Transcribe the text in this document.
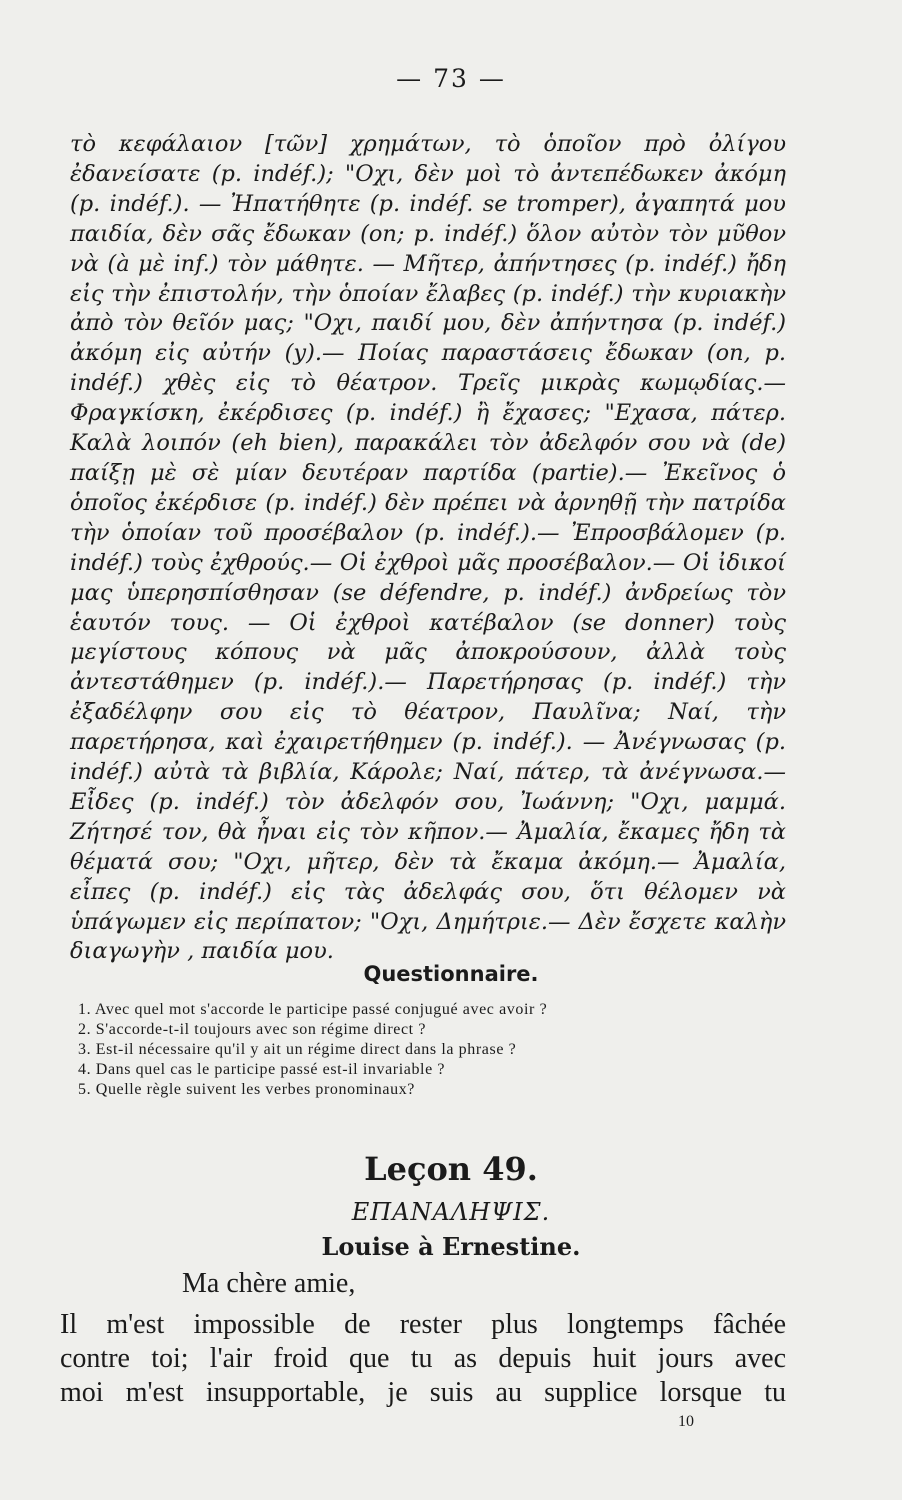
— 73 —

τὸ κεφάλαιον [τῶν] χρημάτων, τὸ ὁποῖον πρὸ ὀλίγου ἐδανείσατε (p. indéf.); "Οχι, δὲν μοὶ τὸ ἀντεπέδωκεν ἀκόμη (p. indéf.). — Ἠπατήθητε (p. indéf. se tromper), ἀγαπητά μου παιδία, δὲν σᾶς ἔδωκαν (on; p. indéf.) ὅλον αὐτὸν τὸν μῦθον νὰ (à μὲ inf.) τὸν μάθητε. — Μῆτερ, ἀπήντησες (p. indéf.) ἤδη εἰς τὴν ἐπιστολήν, τὴν ὁποίαν ἔλαβες (p. indéf.) τὴν κυριακὴν ἀπὸ τὸν θεῖόν μας; "Οχι, παιδί μου, δὲν ἀπήντησα (p. indéf.) ἀκόμη εἰς αὐτήν (y).— Ποίας παραστάσεις ἔδωκαν (on, p. indéf.) χθὲς εἰς τὸ θέατρον. Τρεῖς μικρὰς κωμῳδίας.— Φραγκίσκη, ἐκέρδισες (p. indéf.) ἢ ἔχασες; "Εχασα, πάτερ. Καλὰ λοιπόν (eh bien), παρακάλει τὸν ἀδελφόν σου νὰ (de) παίξῃ μὲ σὲ μίαν δευτέραν παρτίδα (partie).— Ἐκεῖνος ὁ ὁποῖος ἐκέρδισε (p. indéf.) δὲν πρέπει νὰ ἀρνηθῇ τὴν πατρίδα τὴν ὁποίαν τοῦ προσέβαλον (p. indéf.).— Ἐπροσβάλομεν (p. indéf.) τοὺς ἐχθρούς.— Οἱ ἐχθροὶ μᾶς προσέβαλον.— Οἱ ἰδικοί μας ὑπερησπίσθησαν (se défendre, p. indéf.) ἀνδρείως τὸν ἑαυτόν τους. — Οἱ ἐχθροὶ κατέβαλον (se donner) τοὺς μεγίστους κόπους νὰ μᾶς ἀποκρούσουν, ἀλλὰ τοὺς ἀντεστάθημεν (p. indéf.).— Παρετήρησας (p. indéf.) τὴν ἐξαδέλφην σου εἰς τὸ θέατρον, Παυλῖνα; Ναί, τὴν παρετήρησα, καὶ ἐχαιρετήθημεν (p. indéf.). — Ἀνέγνωσας (p. indéf.) αὐτὰ τὰ βιβλία, Κάρολε; Ναί, πάτερ, τὰ ἀνέγνωσα.— Εἶδες (p. indéf.) τὸν ἀδελφόν σου, Ἰωάννη; "Οχι, μαμμά. Ζήτησέ τον, θὰ ἦναι εἰς τὸν κῆπον.— Ἀμαλία, ἔκαμες ἤδη τὰ θέματά σου; "Οχι, μῆτερ, δὲν τὰ ἔκαμα ἀκόμη.— Ἀμαλία, εἶπες (p. indéf.) εἰς τὰς ἀδελφάς σου, ὅτι θέλομεν νὰ ὑπάγωμεν εἰς περίπατον; "Οχι, Δημήτριε.— Δὲν ἔσχετε καλὴν διαγωγὴν , παιδία μου.

Questionnaire.
1. Avec quel mot s'accorde le participe passé conjugué avec avoir ?
2. S'accorde-t-il toujours avec son régime direct ?
3. Est-il nécessaire qu'il y ait un régime direct dans la phrase ?
4. Dans quel cas le participe passé est-il invariable ?
5. Quelle règle suivent les verbes pronominaux?
Leçon 49.
ΕΠΑΝΑΛΗΨΙΣ.
Louise à Ernestine.
Ma chère amie,
Il m'est impossible de rester plus longtemps fâchée
contre toi; l'air froid que tu as depuis huit jours avec
moi m'est insupportable, je suis au supplice lorsque tu
10
